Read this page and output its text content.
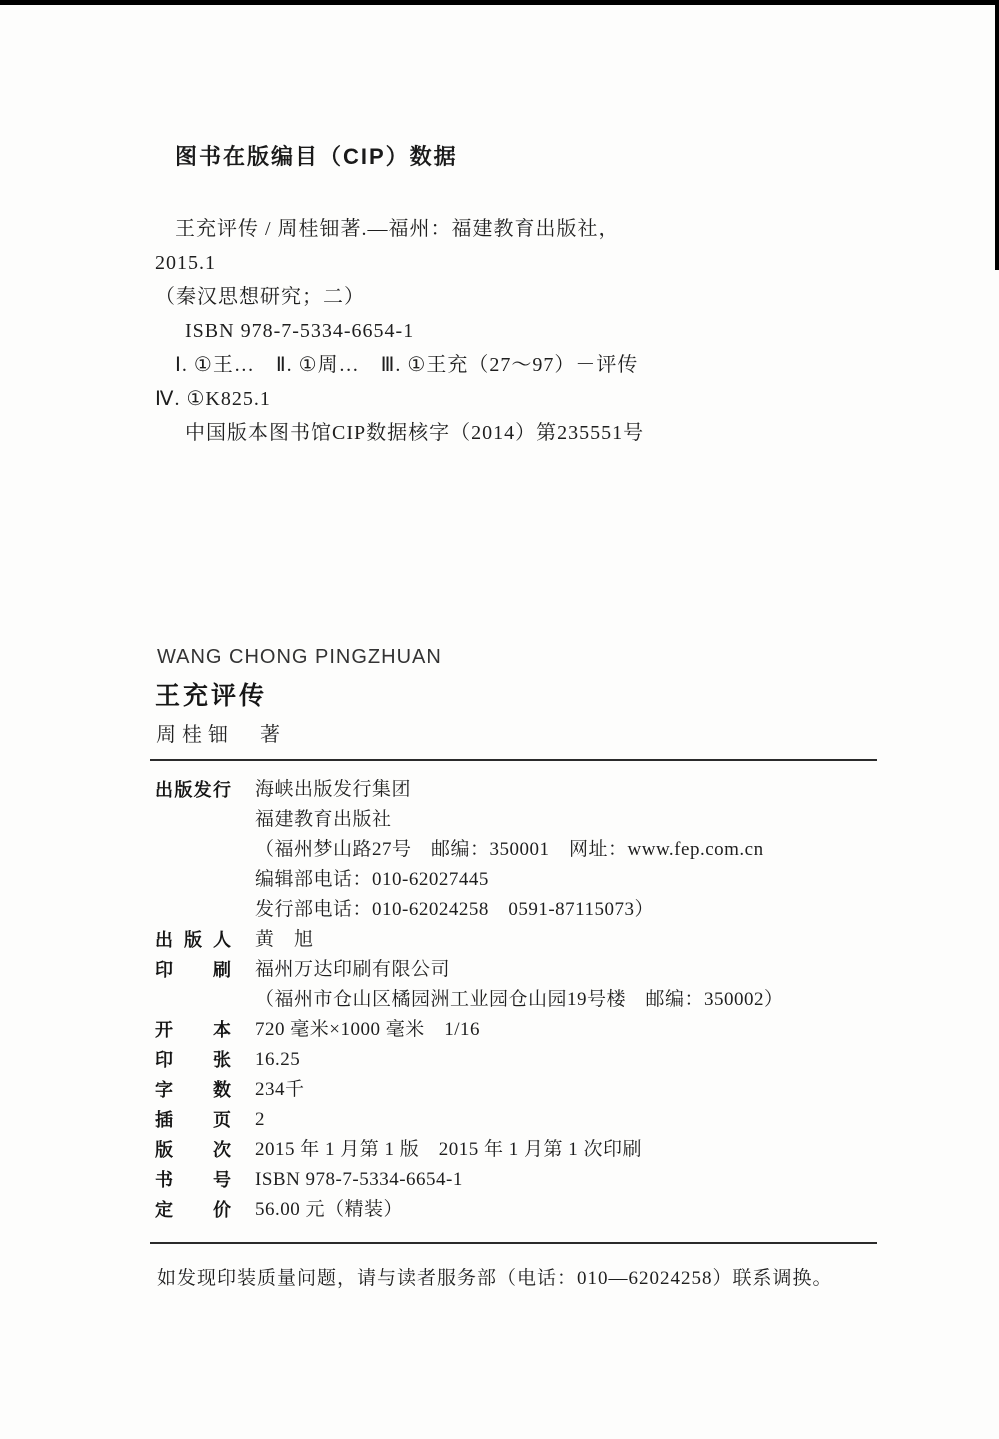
图书在版编目（CIP）数据
王充评传 / 周桂钿著.—福州：福建教育出版社，
2015.1
（秦汉思想研究；二）
ISBN 978-7-5334-6654-1
Ⅰ. ①王…　Ⅱ. ①周…　Ⅲ. ①王充（27～97）－评传
Ⅳ. ①K825.1
中国版本图书馆CIP数据核字（2014）第235551号
WANG CHONG PINGZHUAN
王充评传
周桂钿　著
出版发行 海峡出版发行集团
福建教育出版社
（福州梦山路27号　邮编：350001　网址：www.fep.com.cn
编辑部电话：010-62027445
发行部电话：010-62024258　0591-87115073）
出 版 人 黄　旭
印 刷 福州万达印刷有限公司
（福州市仓山区橘园洲工业园仓山园19号楼　邮编：350002）
开 本 720 毫米×1000 毫米　1/16
印 张 16.25
字 数 234千
插 页 2
版 次 2015 年 1 月第 1 版　2015 年 1 月第 1 次印刷
书 号 ISBN 978-7-5334-6654-1
定 价 56.00 元（精装）
如发现印装质量问题，请与读者服务部（电话：010—62024258）联系调换。
